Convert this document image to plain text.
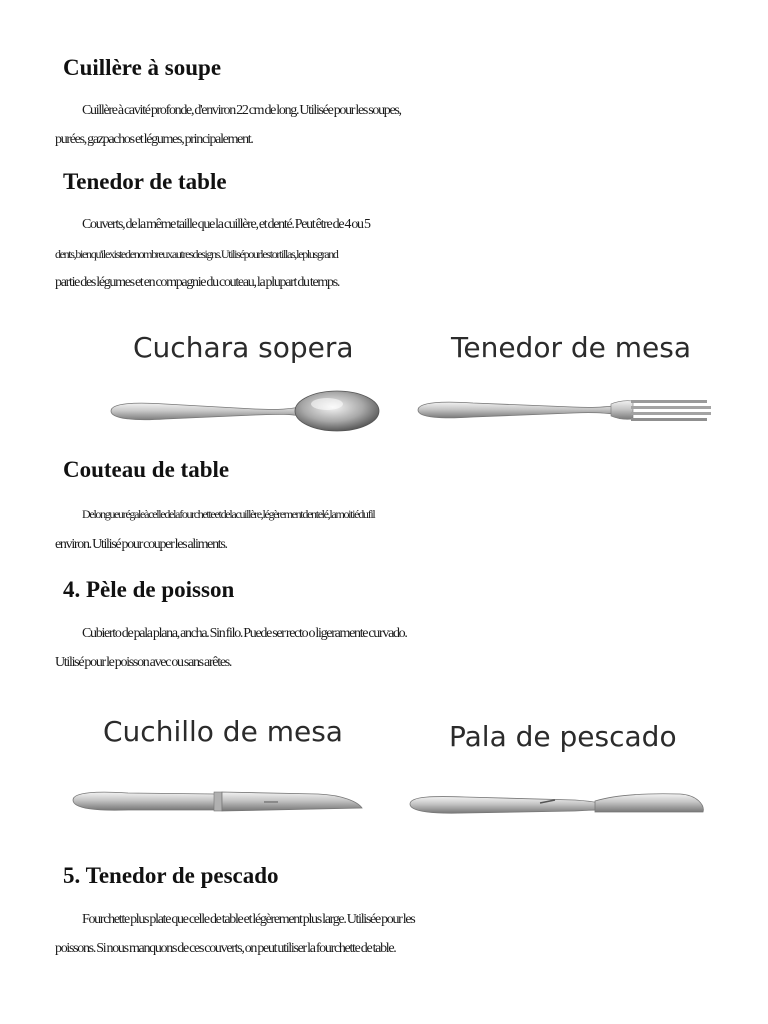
Cuillère à soupe

Cuillère à cavité profonde, d'environ 22 cm de long. Utilisée pour les soupes,

purées, gazpachos et légumes, principalement.

Tenedor de table

Couverts, de la même taille que la cuillère, et denté. Peut être de 4 ou 5

dents, bien qu'il existe de nombreux autres designs. Utilisé pour les tortillas, le plus grand

partie des légumes et en compagnie du couteau, la plupart du temps.

Cuchara sopera	Tenedor de mesa
Couteau de table

De longueur égale à celle de la fourchette et de la cuillère, légèrement dentelé, la moitié du fil

environ. Utilisé pour couper les aliments.

4. Pèle de poisson

Cubierto de pala plana, ancha. Sin filo. Puede ser recto o ligeramente curvado.

Utilisé pour le poisson avec ou sans arêtes.

Cuchillo de mesa	Pala de pescado
5. Tenedor de pescado

Fourchette plus plate que celle de table et légèrement plus large. Utilisée pour les

poissons. Si nous manquons de ces couverts, on peut utiliser la fourchette de table.
